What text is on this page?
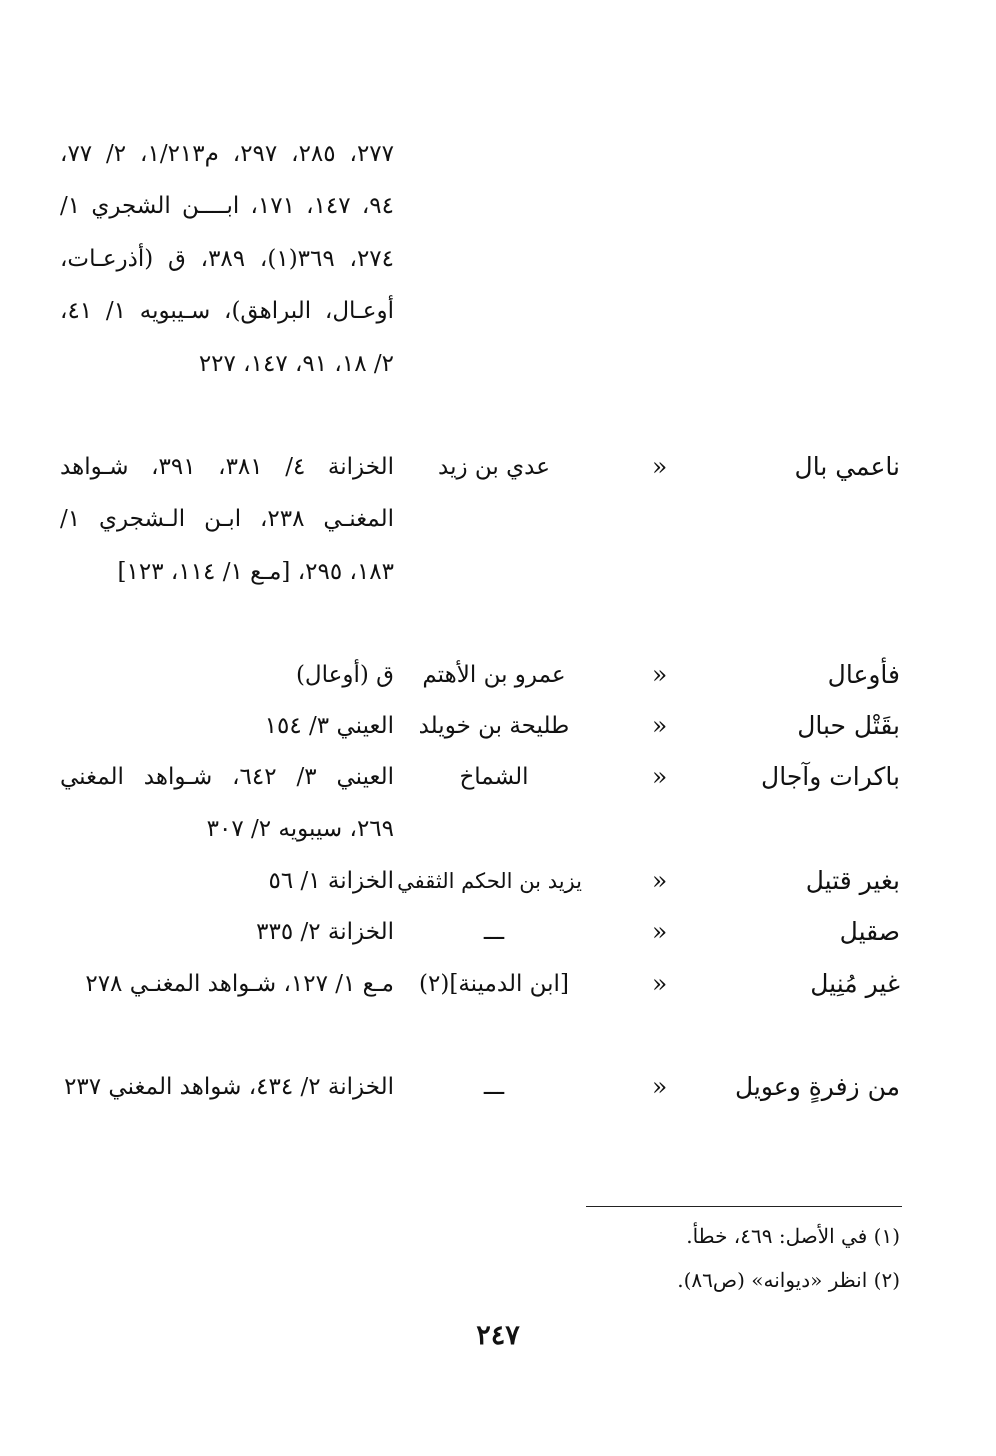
٢٧٧، ٢٨٥، ٢٩٧، م١/٢١٣، ٢/ ٧٧، ٩٤، ١٤٧، ١٧١، ابــــن الشجري ١/ ٢٧٤، ٣٦٩(١)، ٣٨٩، ق (أذرعـات، أوعـال، البراهق)، سـيبويه ١/ ٤١، ٢/ ١٨، ٩١، ١٤٧، ٢٢٧
ناعمي بال
»
عدي بن زيد
الخزانة ٤/ ٣٨١، ٣٩١، شـواهد المغنـي ٢٣٨، ابـن الـشجري ١/ ١٨٣، ٢٩٥، [مـع ١/ ١١٤، ١٢٣]
فأوعال
»
عمرو بن الأهتم
ق (أوعال)
بقَتْل حبال
»
طليحة بن خويلد
العيني ٣/ ١٥٤
باكرات وآجال
»
الشماخ
العيني ٣/ ٦٤٢، شـواهد المغني ٢٦٩، سيبويه ٢/ ٣٠٧
بغير قتيل
»
يزيد بن الحكم الثقفي
الخزانة ١/ ٥٦
صقيل
»
ـــ
الخزانة ٢/ ٣٣٥
غير مُنِيل
»
[ابن الدمينة](٢)
مـع ١/ ١٢٧، شـواهد المغنـي ٢٧٨
من زفرةٍ وعويل
»
ـــ
الخزانة ٢/ ٤٣٤، شواهد المغني ٢٣٧
(١) في الأصل: ٤٦٩، خطأ.
(٢) انظر «ديوانه» (ص٨٦).
٢٤٧
